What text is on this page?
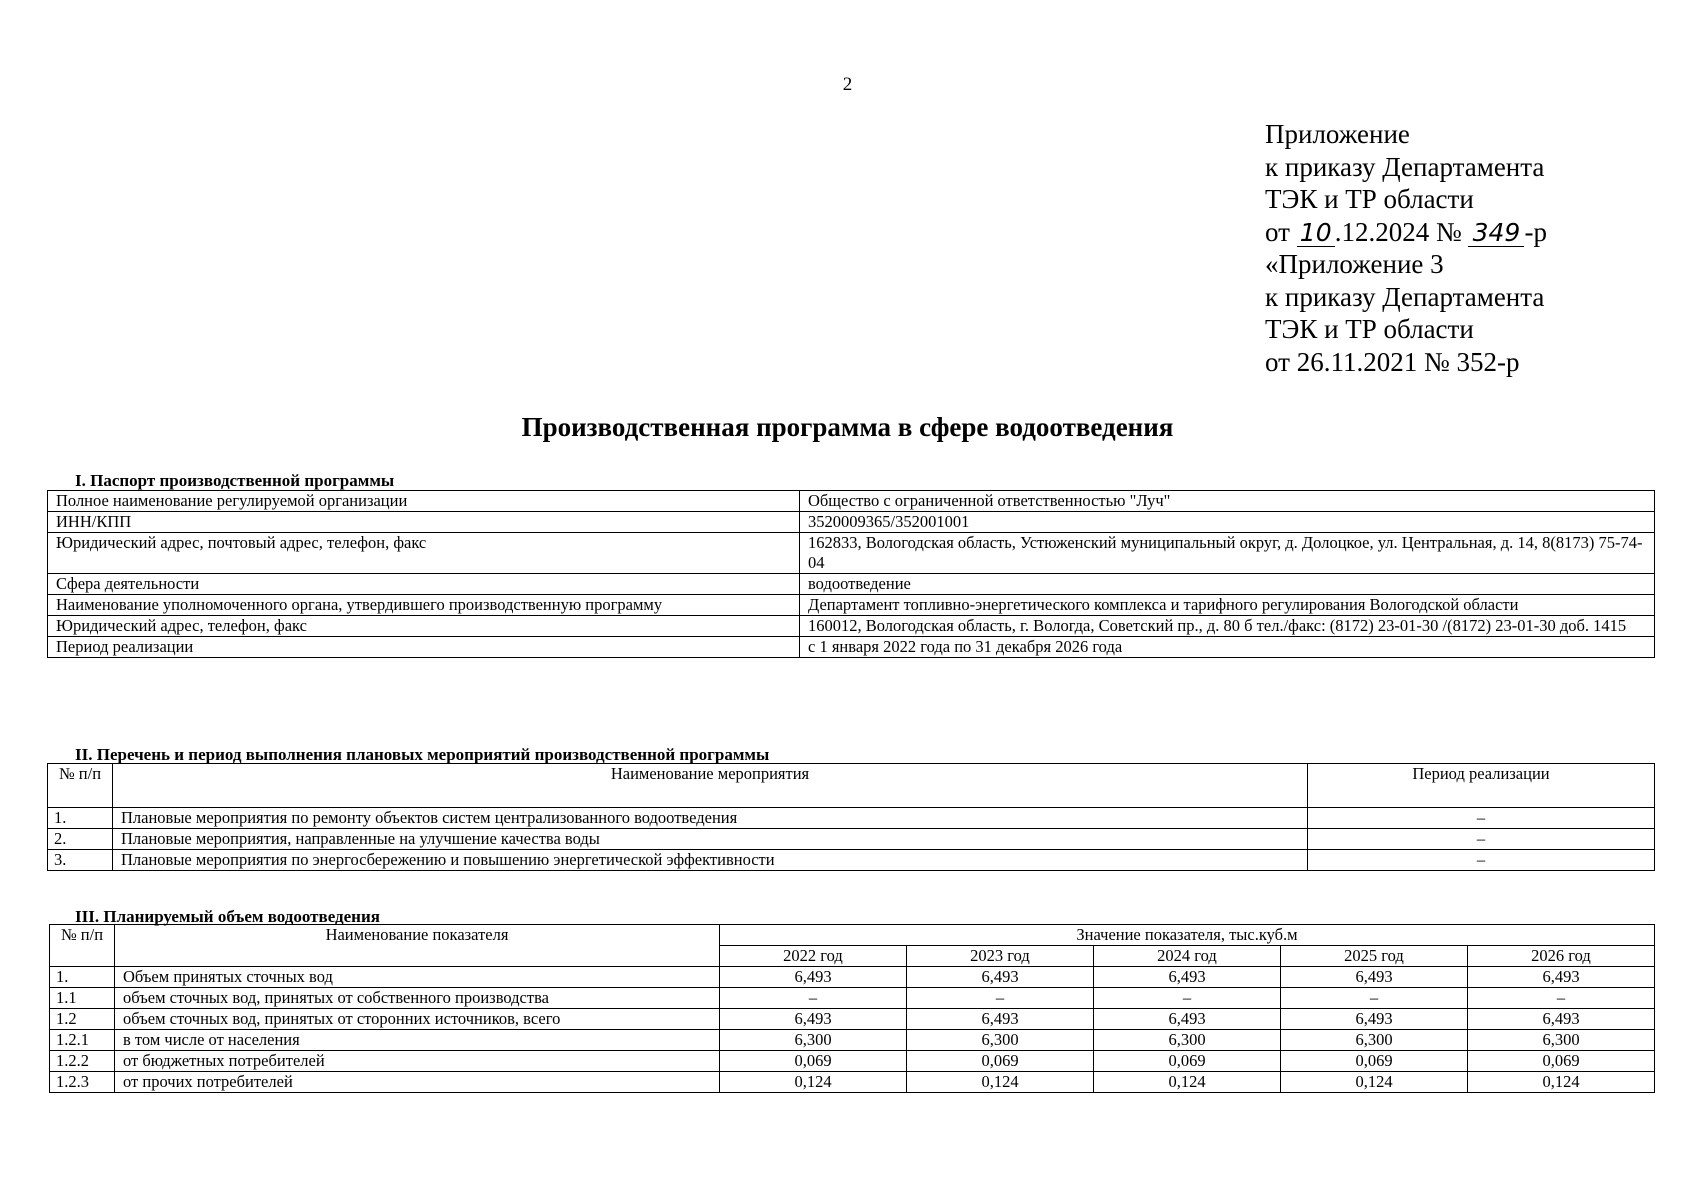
2
Приложение
к приказу Департамента
ТЭК и ТР области
от 10 .12.2024 № 349 -р
«Приложение 3
к приказу Департамента
ТЭК и ТР области
от 26.11.2021 № 352-р
Производственная программа в сфере водоотведения
I. Паспорт производственной программы
Полное наименование регулируемой организации	Общество с ограниченной ответственностью "Луч"
ИНН/КПП	3520009365/352001001
Юридический адрес, почтовый адрес, телефон, факс	162833, Вологодская область, Устюженский муниципальный округ, д. Долоцкое, ул. Центральная, д. 14, 8(8173) 75-74-04
Сфера деятельности	водоотведение
Наименование уполномоченного органа, утвердившего производственную программу	Департамент топливно-энергетического комплекса и тарифного регулирования Вологодской области
Юридический адрес, телефон, факс	160012, Вологодская область, г. Вологда, Советский пр., д. 80 б тел./факс: (8172) 23-01-30 /(8172) 23-01-30 доб. 1415
Период реализации	с 1 января 2022 года по 31 декабря 2026 года
II. Перечень и период выполнения плановых мероприятий производственной программы
№ п/п	Наименование мероприятия	Период реализации
1.	Плановые мероприятия по ремонту объектов систем централизованного водоотведения	–
2.	Плановые мероприятия, направленные на улучшение качества воды	–
3.	Плановые мероприятия по энергосбережению и повышению энергетической эффективности	–
III. Планируемый объем водоотведения
№ п/п	Наименование показателя	Значение показателя, тыс.куб.м				
		2022 год	2023 год	2024 год	2025 год	2026 год
1.	Объем принятых сточных вод	6,493	6,493	6,493	6,493	6,493
1.1	объем сточных вод, принятых от собственного производства	–	–	–	–	–
1.2	объем сточных вод, принятых от сторонних источников, всего	6,493	6,493	6,493	6,493	6,493
1.2.1	в том числе от населения	6,300	6,300	6,300	6,300	6,300
1.2.2	от бюджетных потребителей	0,069	0,069	0,069	0,069	0,069
1.2.3	от прочих потребителей	0,124	0,124	0,124	0,124	0,124
